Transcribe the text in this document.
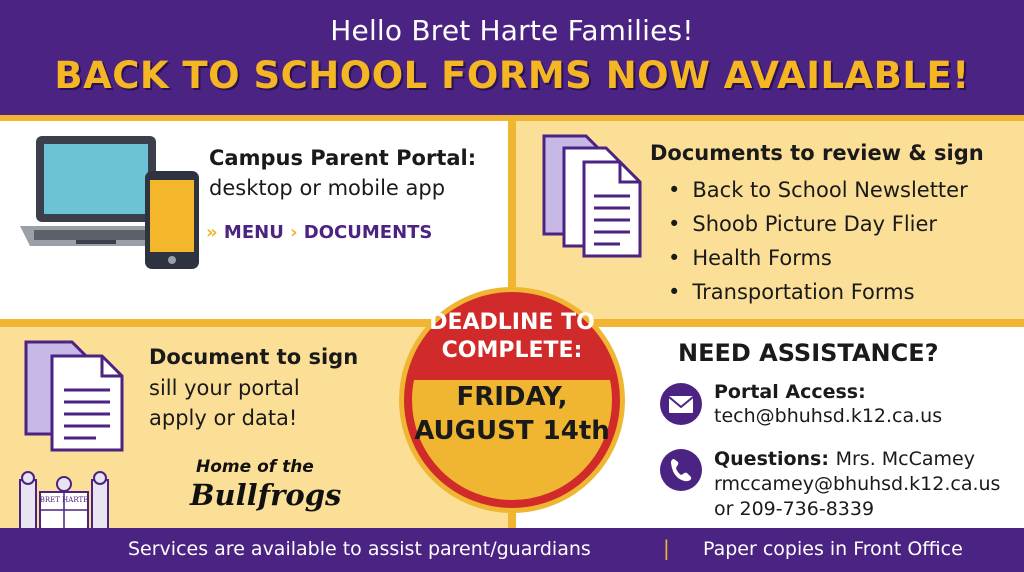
Hello Bret Harte Families!
BACK TO SCHOOL FORMS NOW AVAILABLE!
Campus Parent Portal:
desktop or mobile app
» MENU › DOCUMENTS
Documents to review & sign
• Back to School Newsletter
• Shoob Picture Day Flier
• Health Forms
• Transportation Forms
Document to sign
sill your portal
apply or data!
Home of the
Bullfrogs
BRET HARTE
NEED ASSISTANCE?
Portal Access:
tech@bhuhsd.k12.ca.us
Questions: Mrs. McCamey
rmccamey@bhuhsd.k12.ca.us
or 209-736-8339
DEADLINE TO
COMPLETE:
FRIDAY,
AUGUST 14th
Services are available to assist parent/guardians	| Paper copies in Front Office
